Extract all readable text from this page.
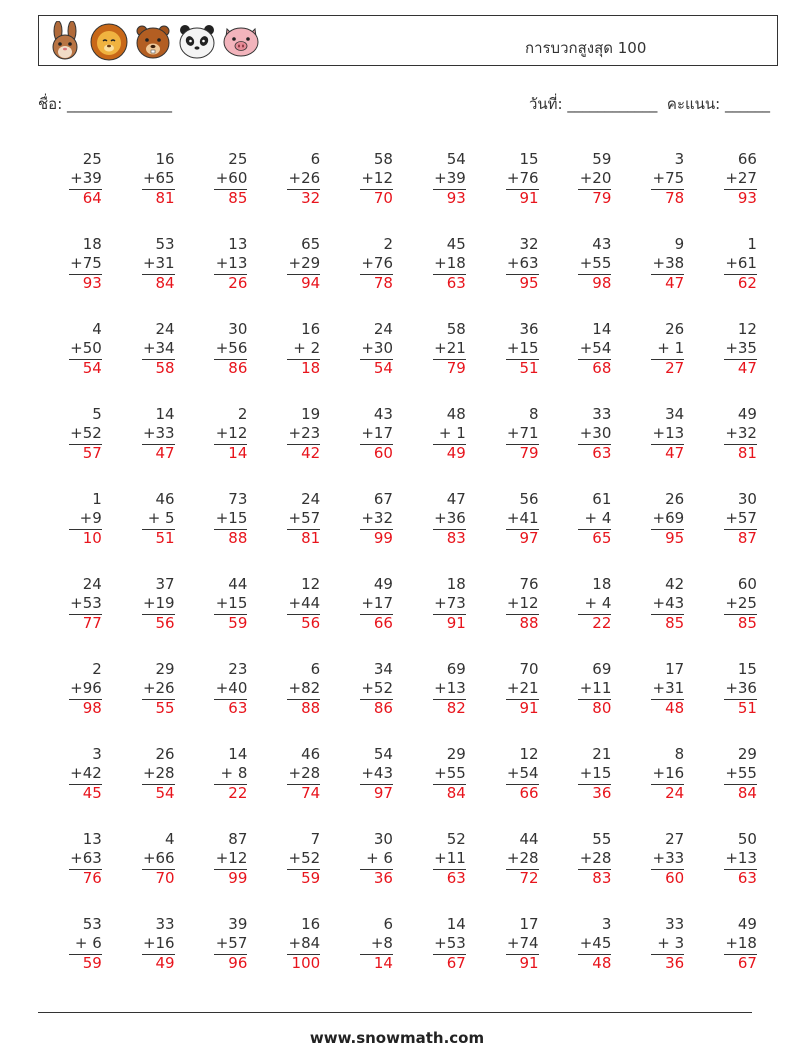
การบวกสูงสุด 100
ชื่อ: ______________	วันที่: ____________  คะแนน: ______
25
+39
64
16
+65
81
25
+60
85
6
+26
32
58
+12
70
54
+39
93
15
+76
91
59
+20
79
3
+75
78
66
+27
93
18
+75
93
53
+31
84
13
+13
26
65
+29
94
2
+76
78
45
+18
63
32
+63
95
43
+55
98
9
+38
47
1
+61
62
4
+50
54
24
+34
58
30
+56
86
16
+ 2
18
24
+30
54
58
+21
79
36
+15
51
14
+54
68
26
+ 1
27
12
+35
47
5
+52
57
14
+33
47
2
+12
14
19
+23
42
43
+17
60
48
+ 1
49
8
+71
79
33
+30
63
34
+13
47
49
+32
81
1
+9
10
46
+ 5
51
73
+15
88
24
+57
81
67
+32
99
47
+36
83
56
+41
97
61
+ 4
65
26
+69
95
30
+57
87
24
+53
77
37
+19
56
44
+15
59
12
+44
56
49
+17
66
18
+73
91
76
+12
88
18
+ 4
22
42
+43
85
60
+25
85
2
+96
98
29
+26
55
23
+40
63
6
+82
88
34
+52
86
69
+13
82
70
+21
91
69
+11
80
17
+31
48
15
+36
51
3
+42
45
26
+28
54
14
+ 8
22
46
+28
74
54
+43
97
29
+55
84
12
+54
66
21
+15
36
8
+16
24
29
+55
84
13
+63
76
4
+66
70
87
+12
99
7
+52
59
30
+ 6
36
52
+11
63
44
+28
72
55
+28
83
27
+33
60
50
+13
63
53
+ 6
59
33
+16
49
39
+57
96
16
+84
100
6
+8
14
14
+53
67
17
+74
91
3
+45
48
33
+ 3
36
49
+18
67
www.snowmath.com
